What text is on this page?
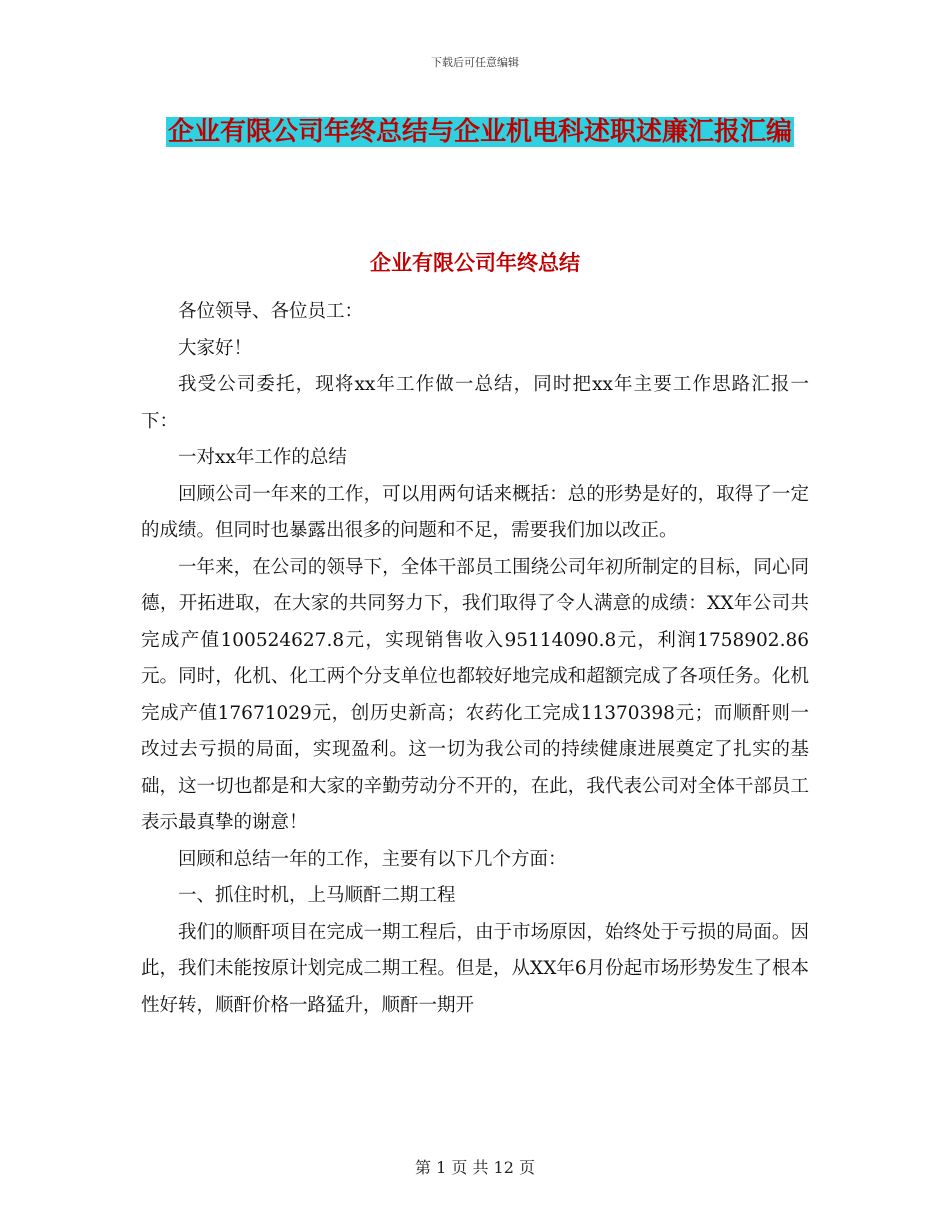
下载后可任意编辑
企业有限公司年终总结与企业机电科述职述廉汇报汇编
企业有限公司年终总结

各位领导、各位员工：

大家好！

我受公司委托，现将xx年工作做一总结，同时把xx年主要工作思路汇报一下：

一对xx年工作的总结

回顾公司一年来的工作，可以用两句话来概括：总的形势是好的，取得了一定的成绩。但同时也暴露出很多的问题和不足，需要我们加以改正。

一年来，在公司的领导下，全体干部员工围绕公司年初所制定的目标，同心同德，开拓进取，在大家的共同努力下，我们取得了令人满意的成绩：XX年公司共完成产值100524627.8元，实现销售收入95114090.8元，利润1758902.86元。同时，化机、化工两个分支单位也都较好地完成和超额完成了各项任务。化机完成产值17671029元，创历史新高；农药化工完成11370398元；而顺酐则一改过去亏损的局面，实现盈利。这一切为我公司的持续健康进展奠定了扎实的基础，这一切也都是和大家的辛勤劳动分不开的，在此，我代表公司对全体干部员工表示最真挚的谢意！

回顾和总结一年的工作，主要有以下几个方面：

一、抓住时机，上马顺酐二期工程

我们的顺酐项目在完成一期工程后，由于市场原因，始终处于亏损的局面。因此，我们未能按原计划完成二期工程。但是，从XX年6月份起市场形势发生了根本性好转，顺酐价格一路猛升，顺酐一期开

第 1 页 共 12 页
